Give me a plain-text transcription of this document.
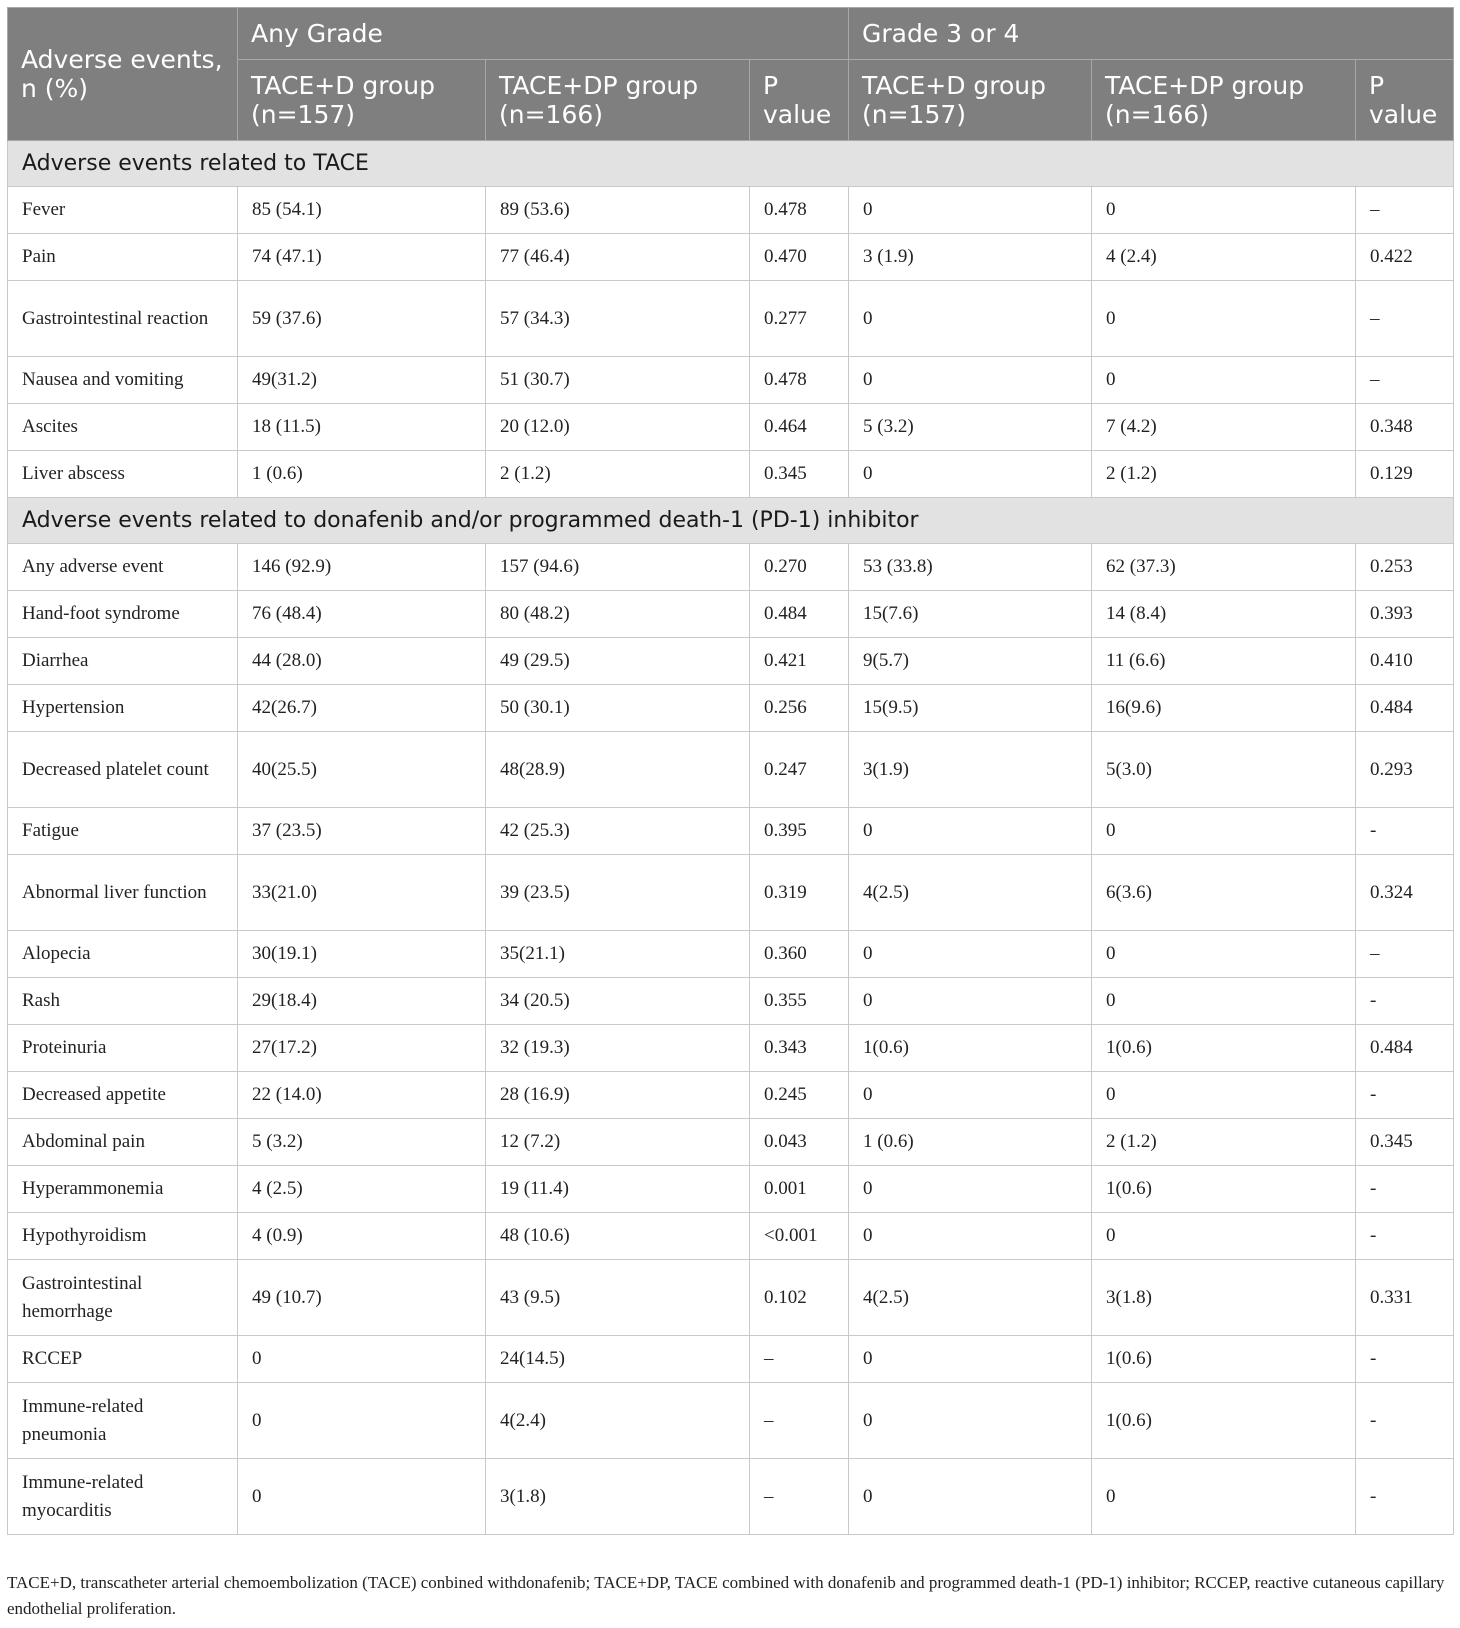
Adverse events, n (%)	Any Grade			Grade 3 or 4		
	TACE+D group (n=157)	TACE+DP group (n=166)	P value	TACE+D group (n=157)	TACE+DP group (n=166)	P value
Adverse events related to TACE						
Fever	85 (54.1)	89 (53.6)	0.478	0	0	–
Pain	74 (47.1)	77 (46.4)	0.470	3 (1.9)	4 (2.4)	0.422
Gastrointestinal reaction	59 (37.6)	57 (34.3)	0.277	0	0	–
Nausea and vomiting	49(31.2)	51 (30.7)	0.478	0	0	–
Ascites	18 (11.5)	20 (12.0)	0.464	5 (3.2)	7 (4.2)	0.348
Liver abscess	1 (0.6)	2 (1.2)	0.345	0	2 (1.2)	0.129
Adverse events related to donafenib and/or programmed death-1 (PD-1) inhibitor						
Any adverse event	146 (92.9)	157 (94.6)	0.270	53 (33.8)	62 (37.3)	0.253
Hand-foot syndrome	76 (48.4)	80 (48.2)	0.484	15(7.6)	14 (8.4)	0.393
Diarrhea	44 (28.0)	49 (29.5)	0.421	9(5.7)	11 (6.6)	0.410
Hypertension	42(26.7)	50 (30.1)	0.256	15(9.5)	16(9.6)	0.484
Decreased platelet count	40(25.5)	48(28.9)	0.247	3(1.9)	5(3.0)	0.293
Fatigue	37 (23.5)	42 (25.3)	0.395	0	0	-
Abnormal liver function	33(21.0)	39 (23.5)	0.319	4(2.5)	6(3.6)	0.324
Alopecia	30(19.1)	35(21.1)	0.360	0	0	–
Rash	29(18.4)	34 (20.5)	0.355	0	0	-
Proteinuria	27(17.2)	32 (19.3)	0.343	1(0.6)	1(0.6)	0.484
Decreased appetite	22 (14.0)	28 (16.9)	0.245	0	0	-
Abdominal pain	5 (3.2)	12 (7.2)	0.043	1 (0.6)	2 (1.2)	0.345
Hyperammonemia	4 (2.5)	19 (11.4)	0.001	0	1(0.6)	-
Hypothyroidism	4 (0.9)	48 (10.6)	<0.001	0	0	-
Gastrointestinal hemorrhage	49 (10.7)	43 (9.5)	0.102	4(2.5)	3(1.8)	0.331
RCCEP	0	24(14.5)	–	0	1(0.6)	-
Immune-related pneumonia	0	4(2.4)	–	0	1(0.6)	-
Immune-related myocarditis	0	3(1.8)	–	0	0	-
TACE+D, transcatheter arterial chemoembolization (TACE) conbined withdonafenib; TACE+DP, TACE combined with donafenib and programmed death-1 (PD-1) inhibitor; RCCEP, reactive cutaneous capillary endothelial proliferation.
